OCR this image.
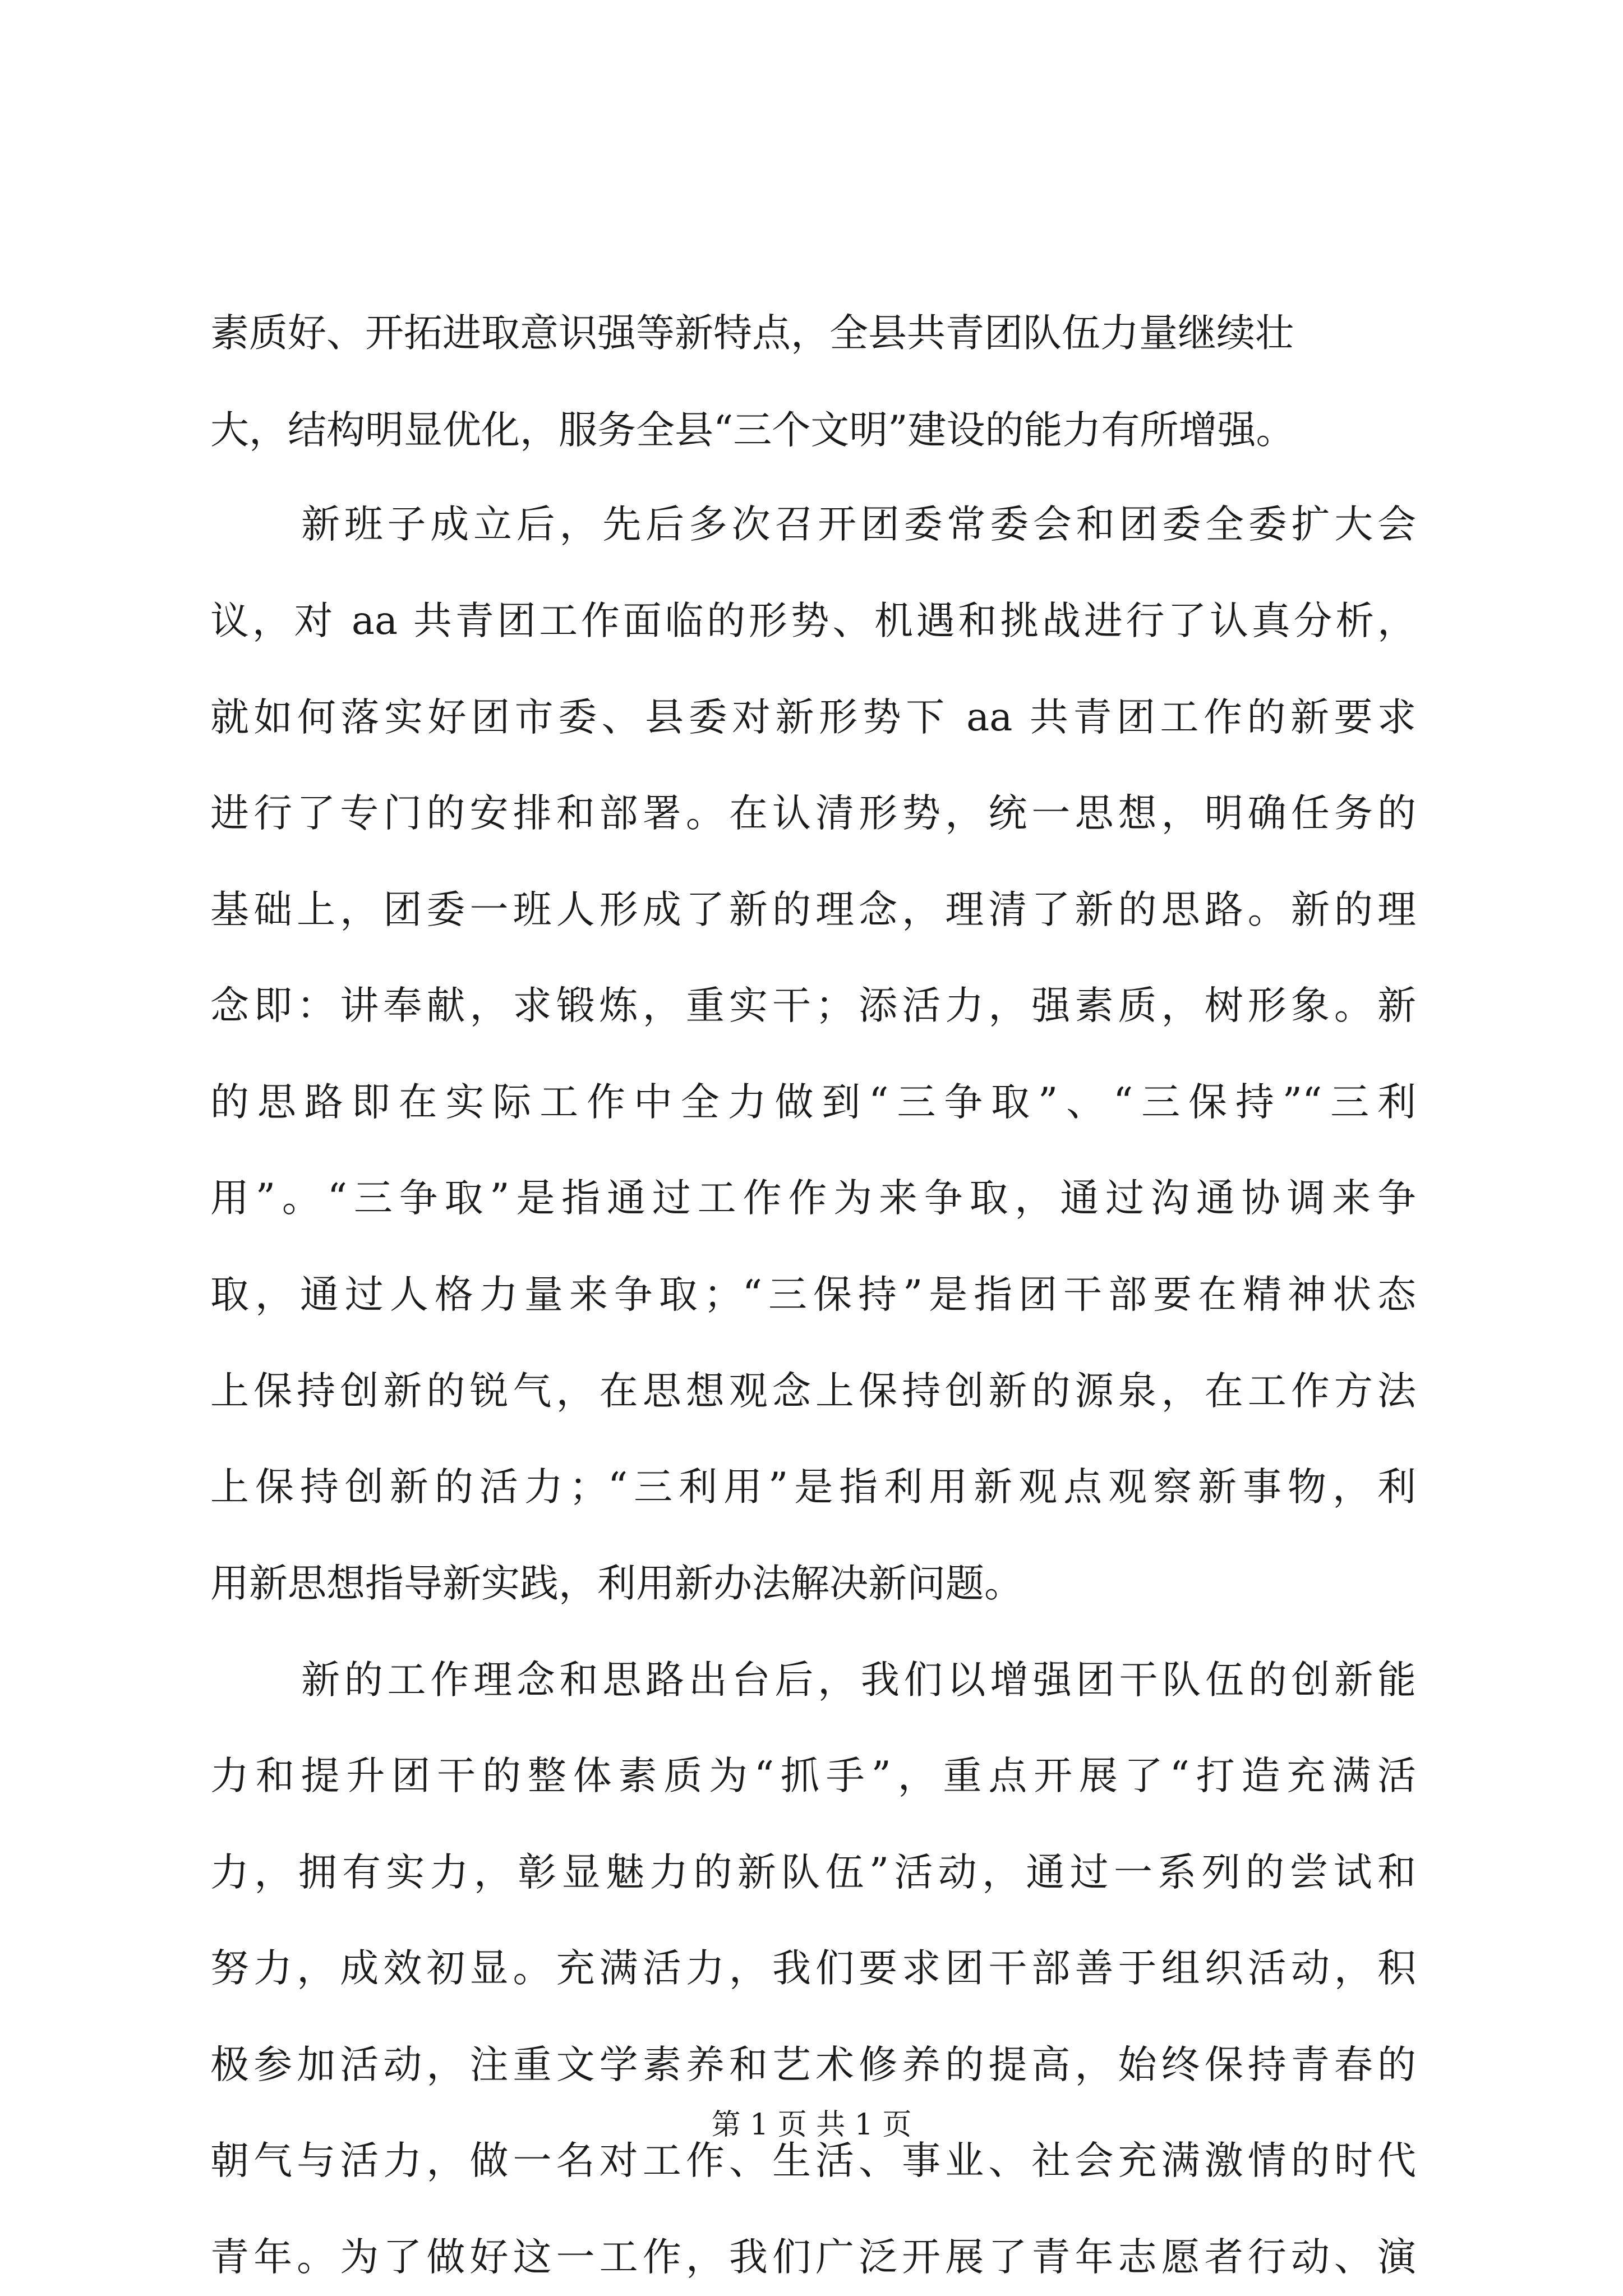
素质好、开拓进取意识强等新特点，全县共青团队伍力量继续壮
大，结构明显优化，服务全县“三个文明”建设的能力有所增强。
新班子成立后，先后多次召开团委常委会和团委全委扩大会
议，对 aa 共青团工作面临的形势、机遇和挑战进行了认真分析，
就如何落实好团市委、县委对新形势下 aa 共青团工作的新要求
进行了专门的安排和部署。在认清形势，统一思想，明确任务的
基础上，团委一班人形成了新的理念，理清了新的思路。新的理
念即：讲奉献，求锻炼，重实干；添活力，强素质，树形象。新
的思路即在实际工作中全力做到“三争取”、“三保持”“三利
用”。“三争取”是指通过工作作为来争取，通过沟通协调来争
取，通过人格力量来争取；“三保持”是指团干部要在精神状态
上保持创新的锐气，在思想观念上保持创新的源泉，在工作方法
上保持创新的活力；“三利用”是指利用新观点观察新事物，利
用新思想指导新实践，利用新办法解决新问题。
新的工作理念和思路出台后，我们以增强团干队伍的创新能
力和提升团干的整体素质为“抓手”，重点开展了“打造充满活
力，拥有实力，彰显魅力的新队伍”活动，通过一系列的尝试和
努力，成效初显。充满活力，我们要求团干部善于组织活动，积
极参加活动，注重文学素养和艺术修养的提高，始终保持青春的
朝气与活力，做一名对工作、生活、事业、社会充满激情的时代
青年。为了做好这一工作，我们广泛开展了青年志愿者行动、演
第 1 页 共 1 页
